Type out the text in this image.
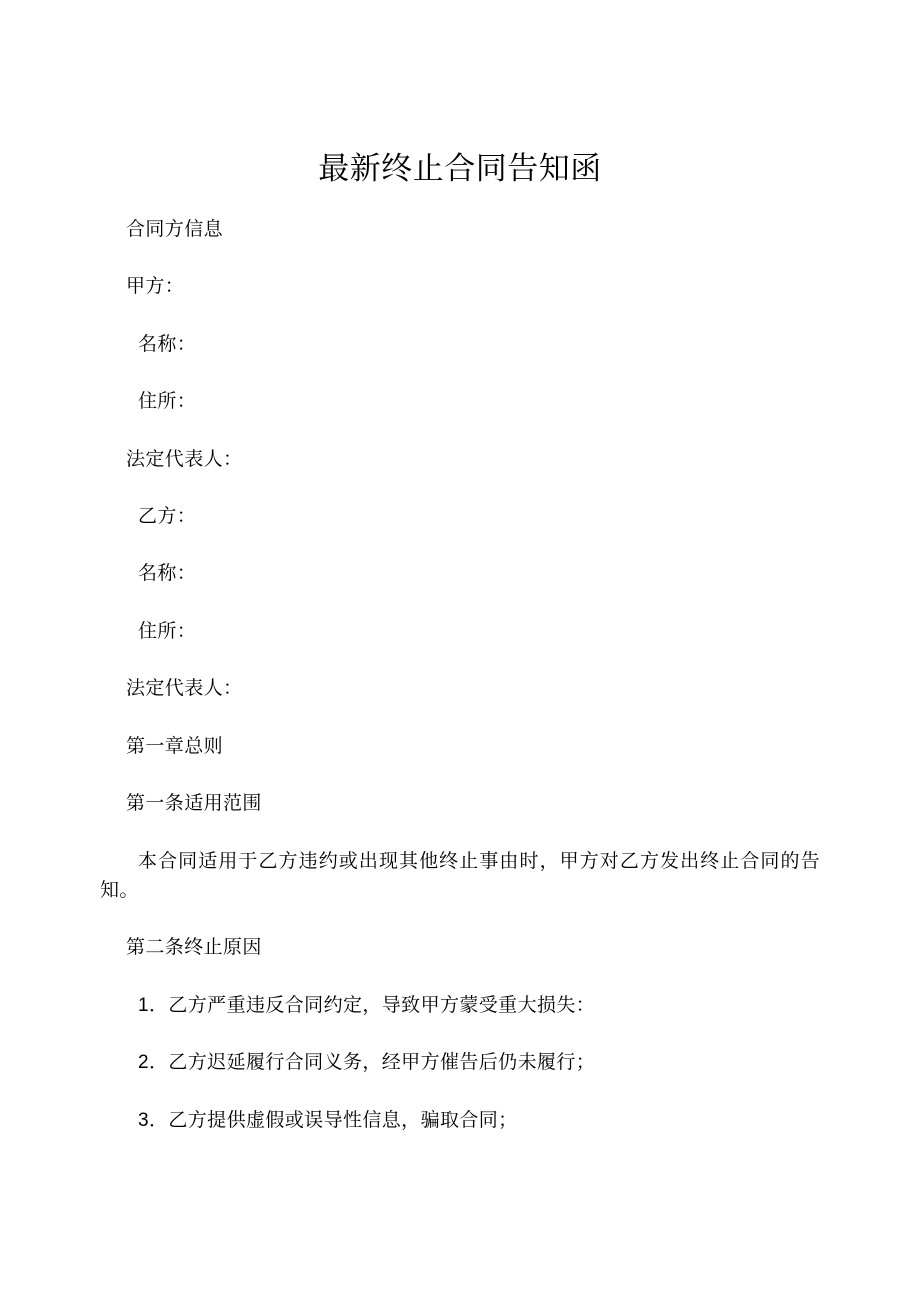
最新终止合同告知函

合同方信息

甲方：

名称：

住所：

法定代表人：

乙方：

名称：

住所：

法定代表人：

第一章总则

第一条适用范围

本合同适用于乙方违约或出现其他终止事由时，甲方对乙方发出终止合同的告知。

第二条终止原因

1．乙方严重违反合同约定，导致甲方蒙受重大损失：

2．乙方迟延履行合同义务，经甲方催告后仍未履行；

3．乙方提供虚假或误导性信息，骗取合同；
